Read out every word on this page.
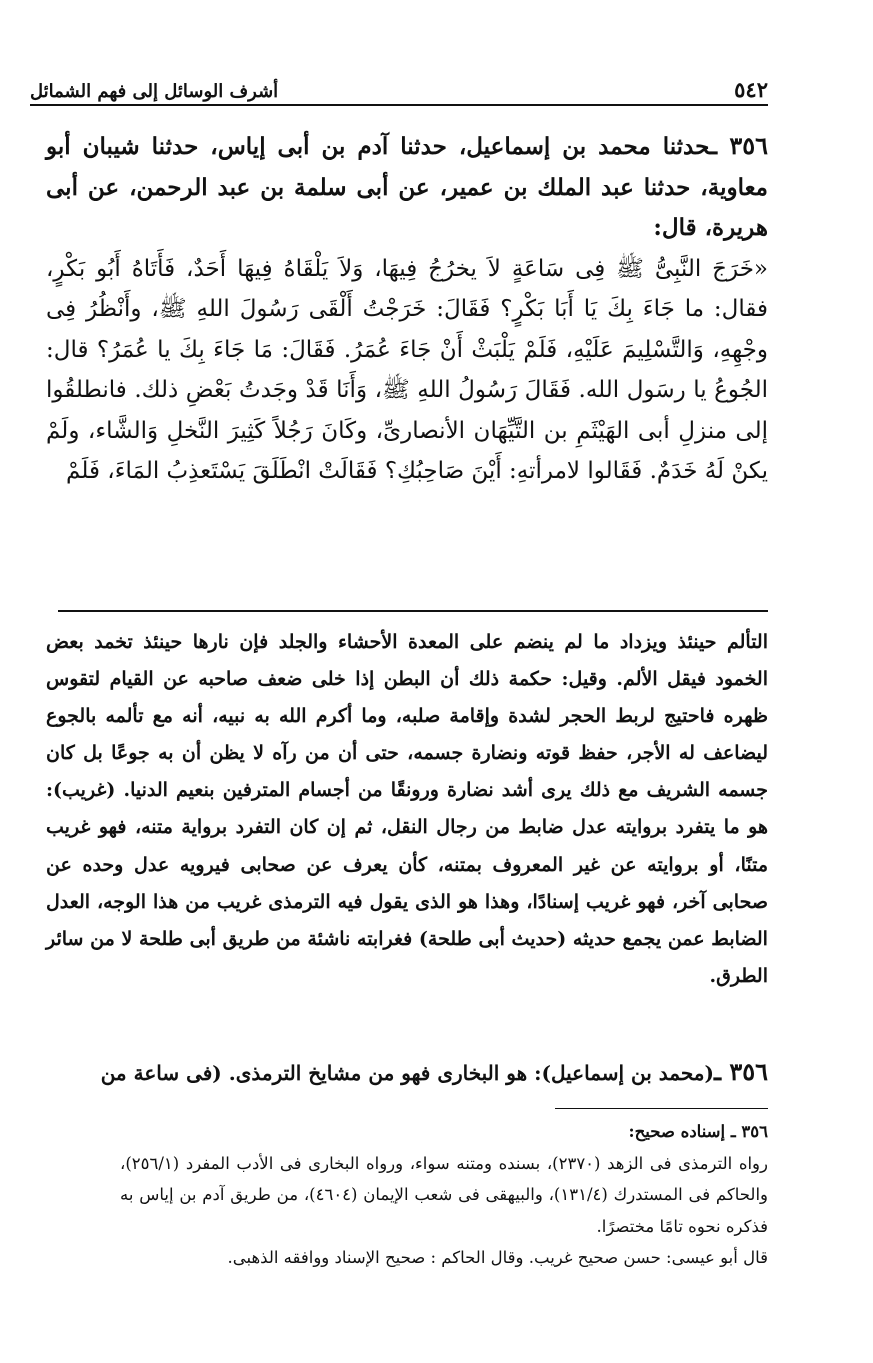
٥٤٢
أشرف الوسائل إلى فهم الشمائل

٣٥٦ ـحدثنا محمد بن إسماعيل، حدثنا آدم بن أبى إياس، حدثنا شيبان أبو معاوية، حدثنا عبد الملك بن عمير، عن أبى سلمة بن عبد الرحمن، عن أبى هريرة، قال:

«خَرَجَ النَّبِىُّ ﷺ فِى سَاعَةٍ لاَ يخرُجُ فِيهَا، وَلاَ يَلْقَاهُ فِيهَا أَحَدٌ، فَأَتَاهُ أَبُو بَكْرٍ، فقال: ما جَاءَ بِكَ يَا أَبَا بَكْرٍ؟ فَقَالَ: خَرَجْتُ أَلْقَى رَسُولَ اللهِ ﷺ، وأَنْظُرُ فِى وجْهِهِ، وَالتَّسْلِيمَ عَلَيْهِ، فَلَمْ يَلْبَثْ أَنْ جَاءَ عُمَرُ. فَقَالَ: مَا جَاءَ بِكَ يا عُمَرُ؟ قال: الجُوعُ يا رسَول الله. فَقَالَ رَسُولُ اللهِ ﷺ، وَأَنَا قَدْ وجَدتُ بَعْضِ ذلك. فانطلقُوا إلى منزلِ أبى الهَيْثَمِ بن التَّيِّهَان الأنصارىِّ، وكَانَ رَجُلاً كَثِيرَ النَّخلِ وَالشَّاء، ولَمْ يكنْ لَهُ خَدَمٌ. فَقَالوا لامرأتهِ: أَيْنَ صَاحِبُكِ؟ فَقَالَتْ انْطَلَقَ يَسْتَعذِبُ المَاءَ، فَلَمْ

التألم حينئذ ويزداد ما لم ينضم على المعدة الأحشاء والجلد فإن نارها حينئذ تخمد بعض الخمود فيقل الألم. وقيل: حكمة ذلك أن البطن إذا خلى ضعف صاحبه عن القيام لتقوس ظهره فاحتيج لربط الحجر لشدة وإقامة صلبه، وما أكرم الله به نبيه، أنه مع تألمه بالجوع ليضاعف له الأجر، حفظ قوته ونضارة جسمه، حتى أن من رآه لا يظن أن به جوعًا بل كان جسمه الشريف مع ذلك يرى أشد نضارة ورونقًا من أجسام المترفين بنعيم الدنيا. (غريب): هو ما يتفرد بروايته عدل ضابط من رجال النقل، ثم إن كان التفرد برواية متنه، فهو غريب متنًا، أو بروايته عن غير المعروف بمتنه، كأن يعرف عن صحابى فيرويه عدل وحده عن صحابى آخر، فهو غريب إسنادًا، وهذا هو الذى يقول فيه الترمذى غريب من هذا الوجه، العدل الضابط عمن يجمع حديثه (حديث أبى طلحة) فغرابته ناشئة من طريق أبى طلحة لا من سائر الطرق.

٣٥٦ ـ(محمد بن إسماعيل): هو البخارى فهو من مشايخ الترمذى. (فى ساعة من

٣٥٦ ـ إسناده صحيح:

رواه الترمذى فى الزهد (٢٣٧٠)، بسنده ومتنه سواء، ورواه البخارى فى الأدب المفرد (٢٥٦/١)، والحاكم فى المستدرك (١٣١/٤)، والبيهقى فى شعب الإيمان (٤٦٠٤)، من طريق آدم بن إياس به فذكره نحوه تامًا مختصرًا.

قال أبو عيسى: حسن صحيح غريب. وقال الحاكم : صحيح الإسناد ووافقه الذهبى.
